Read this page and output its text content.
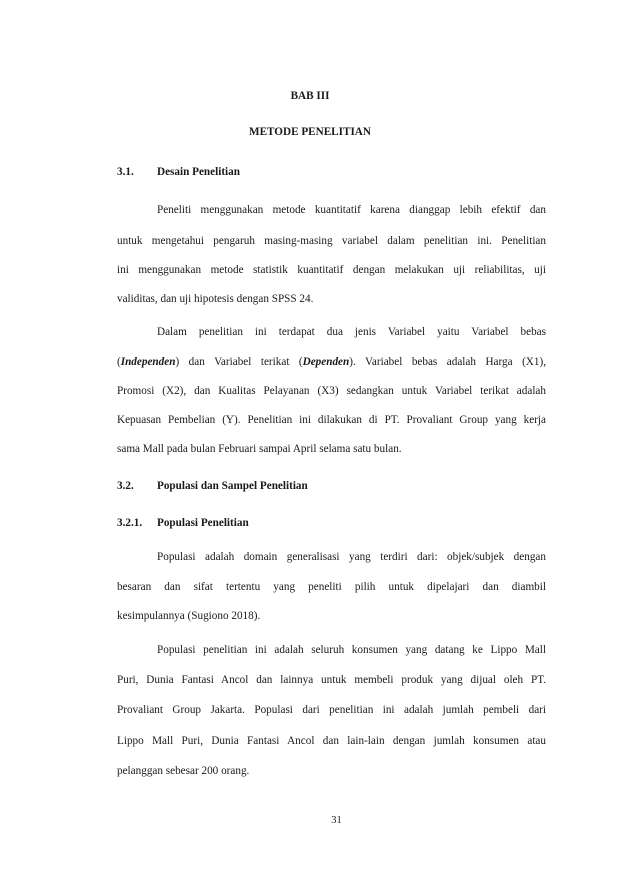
BAB III
METODE PENELITIAN
3.1. Desain Penelitian
Peneliti menggunakan metode kuantitatif karena dianggap lebih efektif dan
untuk mengetahui pengaruh masing-masing variabel dalam penelitian ini. Penelitian
ini menggunakan metode statistik kuantitatif dengan melakukan uji reliabilitas, uji
validitas, dan uji hipotesis dengan SPSS 24.
Dalam penelitian ini terdapat dua jenis Variabel yaitu Variabel bebas
(Independen) dan Variabel terikat (Dependen). Variabel bebas adalah Harga (X1),
Promosi (X2), dan Kualitas Pelayanan (X3) sedangkan untuk Variabel terikat adalah
Kepuasan Pembelian (Y). Penelitian ini dilakukan di PT. Provaliant Group yang kerja
sama Mall pada bulan Februari sampai April selama satu bulan.
3.2. Populasi dan Sampel Penelitian
3.2.1. Populasi Penelitian
Populasi adalah domain generalisasi yang terdiri dari: objek/subjek dengan
besaran dan sifat tertentu yang peneliti pilih untuk dipelajari dan diambil
kesimpulannya (Sugiono 2018).
Populasi penelitian ini adalah seluruh konsumen yang datang ke Lippo Mall
Puri, Dunia Fantasi Ancol dan lainnya untuk membeli produk yang dijual oleh PT.
Provaliant Group Jakarta. Populasi dari penelitian ini adalah jumlah pembeli dari
Lippo Mall Puri, Dunia Fantasi Ancol dan lain-lain dengan jumlah konsumen atau
pelanggan sebesar 200 orang.
31
